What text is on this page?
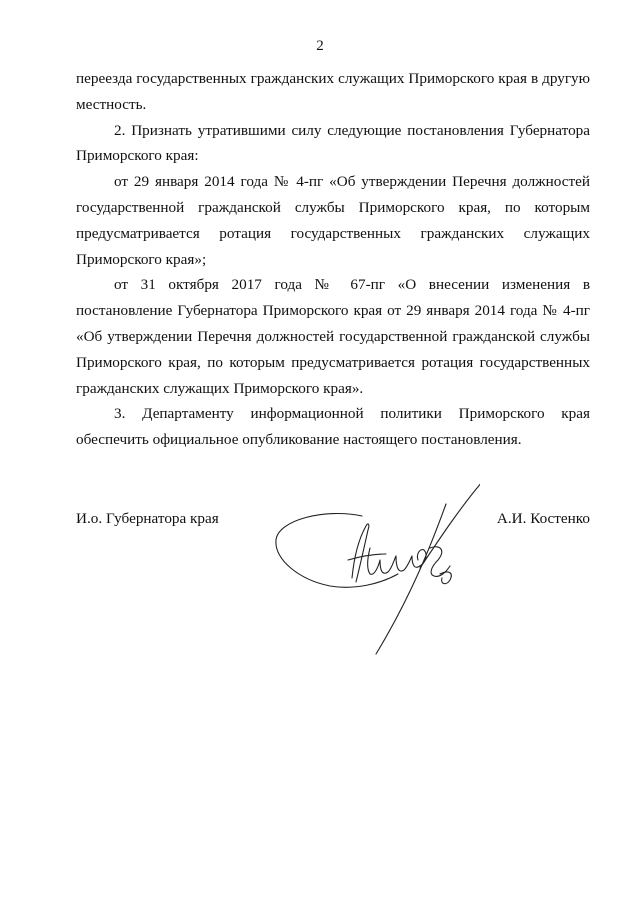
2

переезда государственных гражданских служащих Приморского края в другую местность.

2. Признать утратившими силу следующие постановления Губернатора Приморского края:

от 29 января 2014 года № 4-пг «Об утверждении Перечня должностей государственной гражданской службы Приморского края, по которым предусматривается ротация государственных гражданских служащих Приморского края»;

от 31 октября 2017 года № 67-пг «О внесении изменения в постановление Губернатора Приморского края от 29 января 2014 года № 4-пг «Об утверждении Перечня должностей государственной гражданской службы Приморского края, по которым предусматривается ротация государственных гражданских служащих Приморского края».

3. Департаменту информационной политики Приморского края обеспечить официальное опубликование настоящего постановления.

И.о. Губернатора края	А.И. Костенко
